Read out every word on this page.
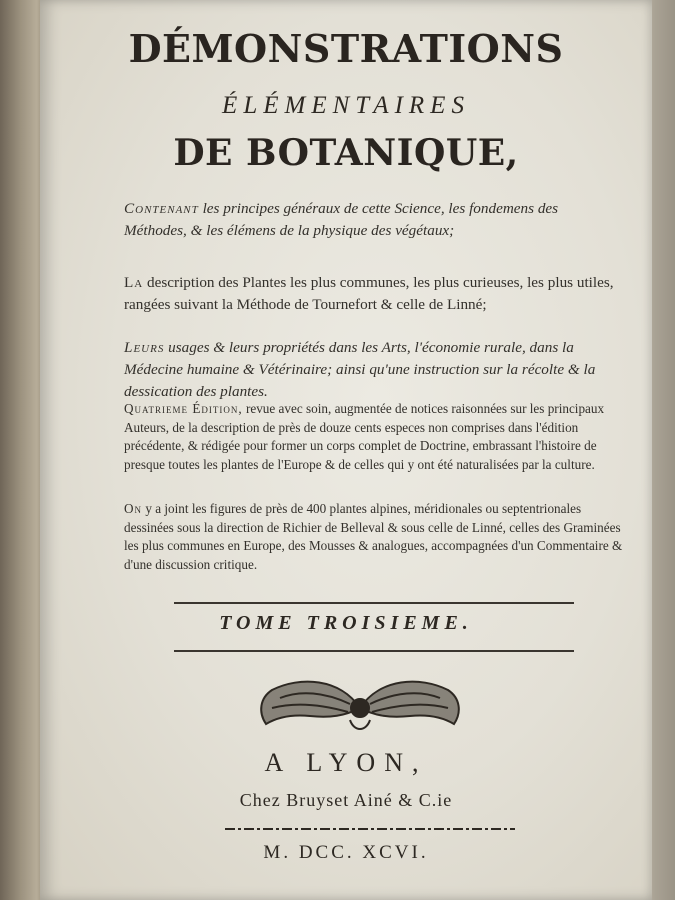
DÉMONSTRATIONS
ÉLÉMENTAIRES
DE BOTANIQUE,
Contenant les principes généraux de cette Science, les fondemens des Méthodes, & les élémens de la physique des végétaux;
La description des Plantes les plus communes, les plus curieuses, les plus utiles, rangées suivant la Méthode de Tournefort & celle de Linné;
Leurs usages & leurs propriétés dans les Arts, l'économie rurale, dans la Médecine humaine & Vétérinaire; ainsi qu'une instruction sur la récolte & la dessication des plantes.
Quatrieme Édition, revue avec soin, augmentée de notices raisonnées sur les principaux Auteurs, de la description de près de douze cents especes non comprises dans l'édition précédente, & rédigée pour former un corps complet de Doctrine, embrassant l'histoire de presque toutes les plantes de l'Europe & de celles qui y ont été naturalisées par la culture.
On y a joint les figures de près de 400 plantes alpines, méridionales ou septentrionales dessinées sous la direction de Richier de Belleval & sous celle de Linné, celles des Graminées les plus communes en Europe, des Mousses & analogues, accompagnées d'un Commentaire & d'une discussion critique.
TOME TROISIEME.
A LYON,
Chez Bruyset Ainé & C.ie
M. DCC. XCVI.
